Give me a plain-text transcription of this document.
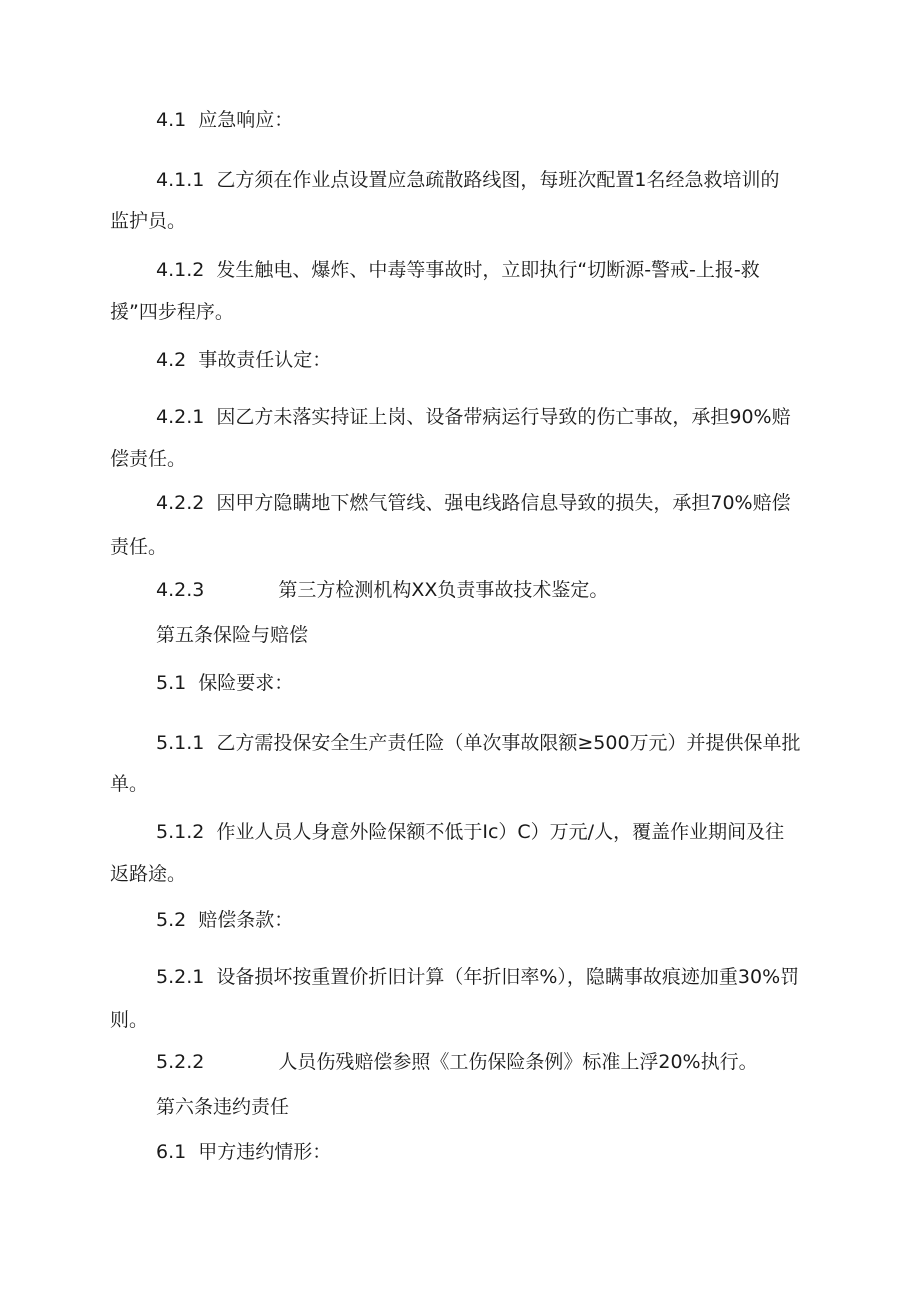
4.1 应急响应：
4.1.1 乙方须在作业点设置应急疏散路线图，每班次配置1名经急救培训的
监护员。
4.1.2 发生触电、爆炸、中毒等事故时，立即执行“切断源-警戒-上报-救
援”四步程序。
4.2 事故责任认定：
4.2.1 因乙方未落实持证上岗、设备带病运行导致的伤亡事故，承担90%赔
偿责任。
4.2.2 因甲方隐瞒地下燃气管线、强电线路信息导致的损失，承担70%赔偿
责任。
4.2.3	第三方检测机构XX负责事故技术鉴定。
第五条保险与赔偿
5.1 保险要求：
5.1.1 乙方需投保安全生产责任险（单次事故限额≥500万元）并提供保单批
单。
5.1.2 作业人员人身意外险保额不低于Ic）C）万元/人，覆盖作业期间及往
返路途。
5.2 赔偿条款：
5.2.1 设备损坏按重置价折旧计算（年折旧率%），隐瞒事故痕迹加重30%罚
则。
5.2.2	人员伤残赔偿参照《工伤保险条例》标准上浮20%执行。
第六条违约责任
6.1 甲方违约情形：
